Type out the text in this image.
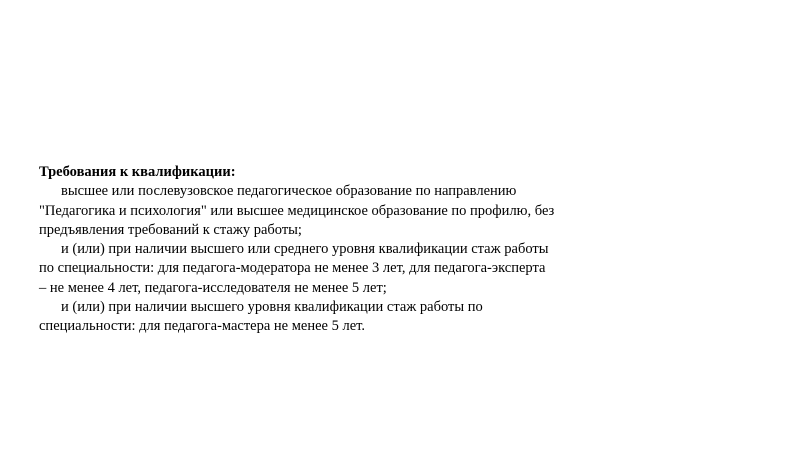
Требования к квалификации:

высшее или послевузовское педагогическое образование по направлению
"Педагогика и психология" или высшее медицинское образование по профилю, без
предъявления требований к стажу работы;

и (или) при наличии высшего или среднего уровня квалификации стаж работы
по специальности: для педагога-модератора не менее 3 лет, для педагога-эксперта
– не менее 4 лет, педагога-исследователя не менее 5 лет;

и (или) при наличии высшего уровня квалификации стаж работы по
специальности: для педагога-мастера не менее 5 лет.
